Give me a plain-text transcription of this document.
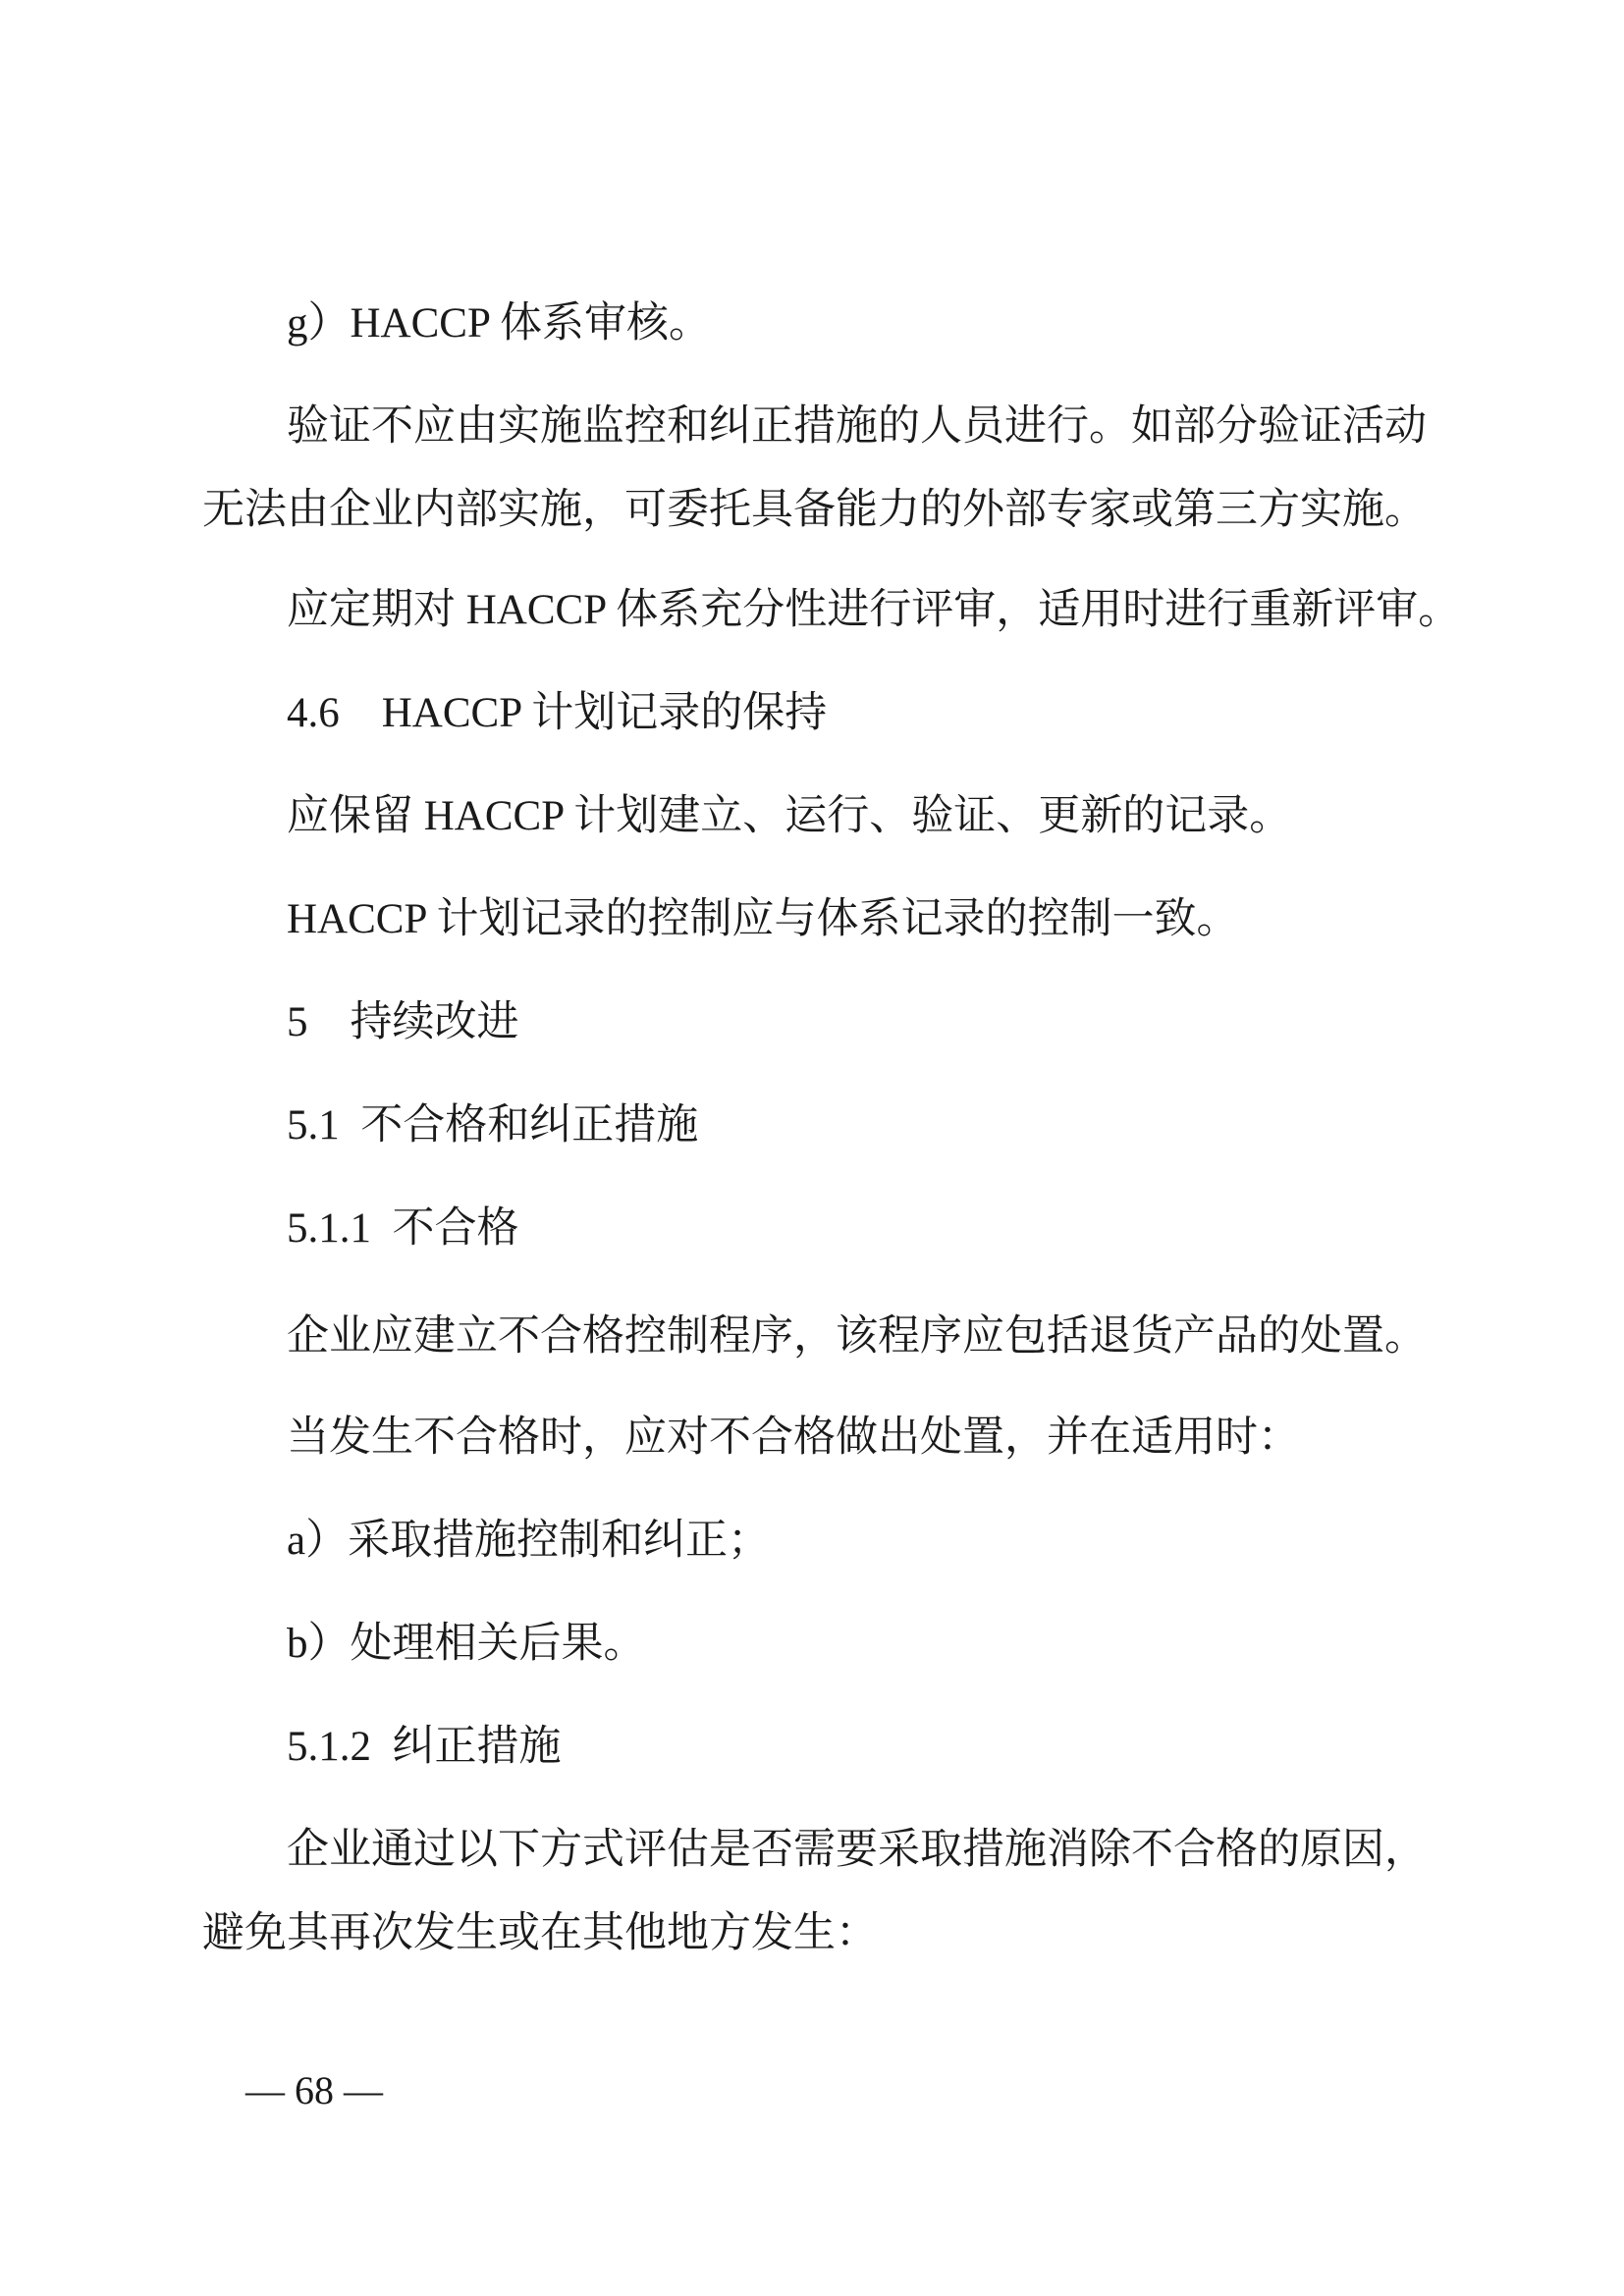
g）HACCP 体系审核。
验证不应由实施监控和纠正措施的人员进行。如部分验证活动
无法由企业内部实施，可委托具备能力的外部专家或第三方实施。
应定期对 HACCP 体系充分性进行评审，适用时进行重新评审。
4.6　HACCP 计划记录的保持
应保留 HACCP 计划建立、运行、验证、更新的记录。
HACCP 计划记录的控制应与体系记录的控制一致。
5　持续改进
5.1  不合格和纠正措施
5.1.1  不合格
企业应建立不合格控制程序，该程序应包括退货产品的处置。
当发生不合格时，应对不合格做出处置，并在适用时：
a）采取措施控制和纠正；
b）处理相关后果。
5.1.2  纠正措施
企业通过以下方式评估是否需要采取措施消除不合格的原因，
避免其再次发生或在其他地方发生：
— 68 —
